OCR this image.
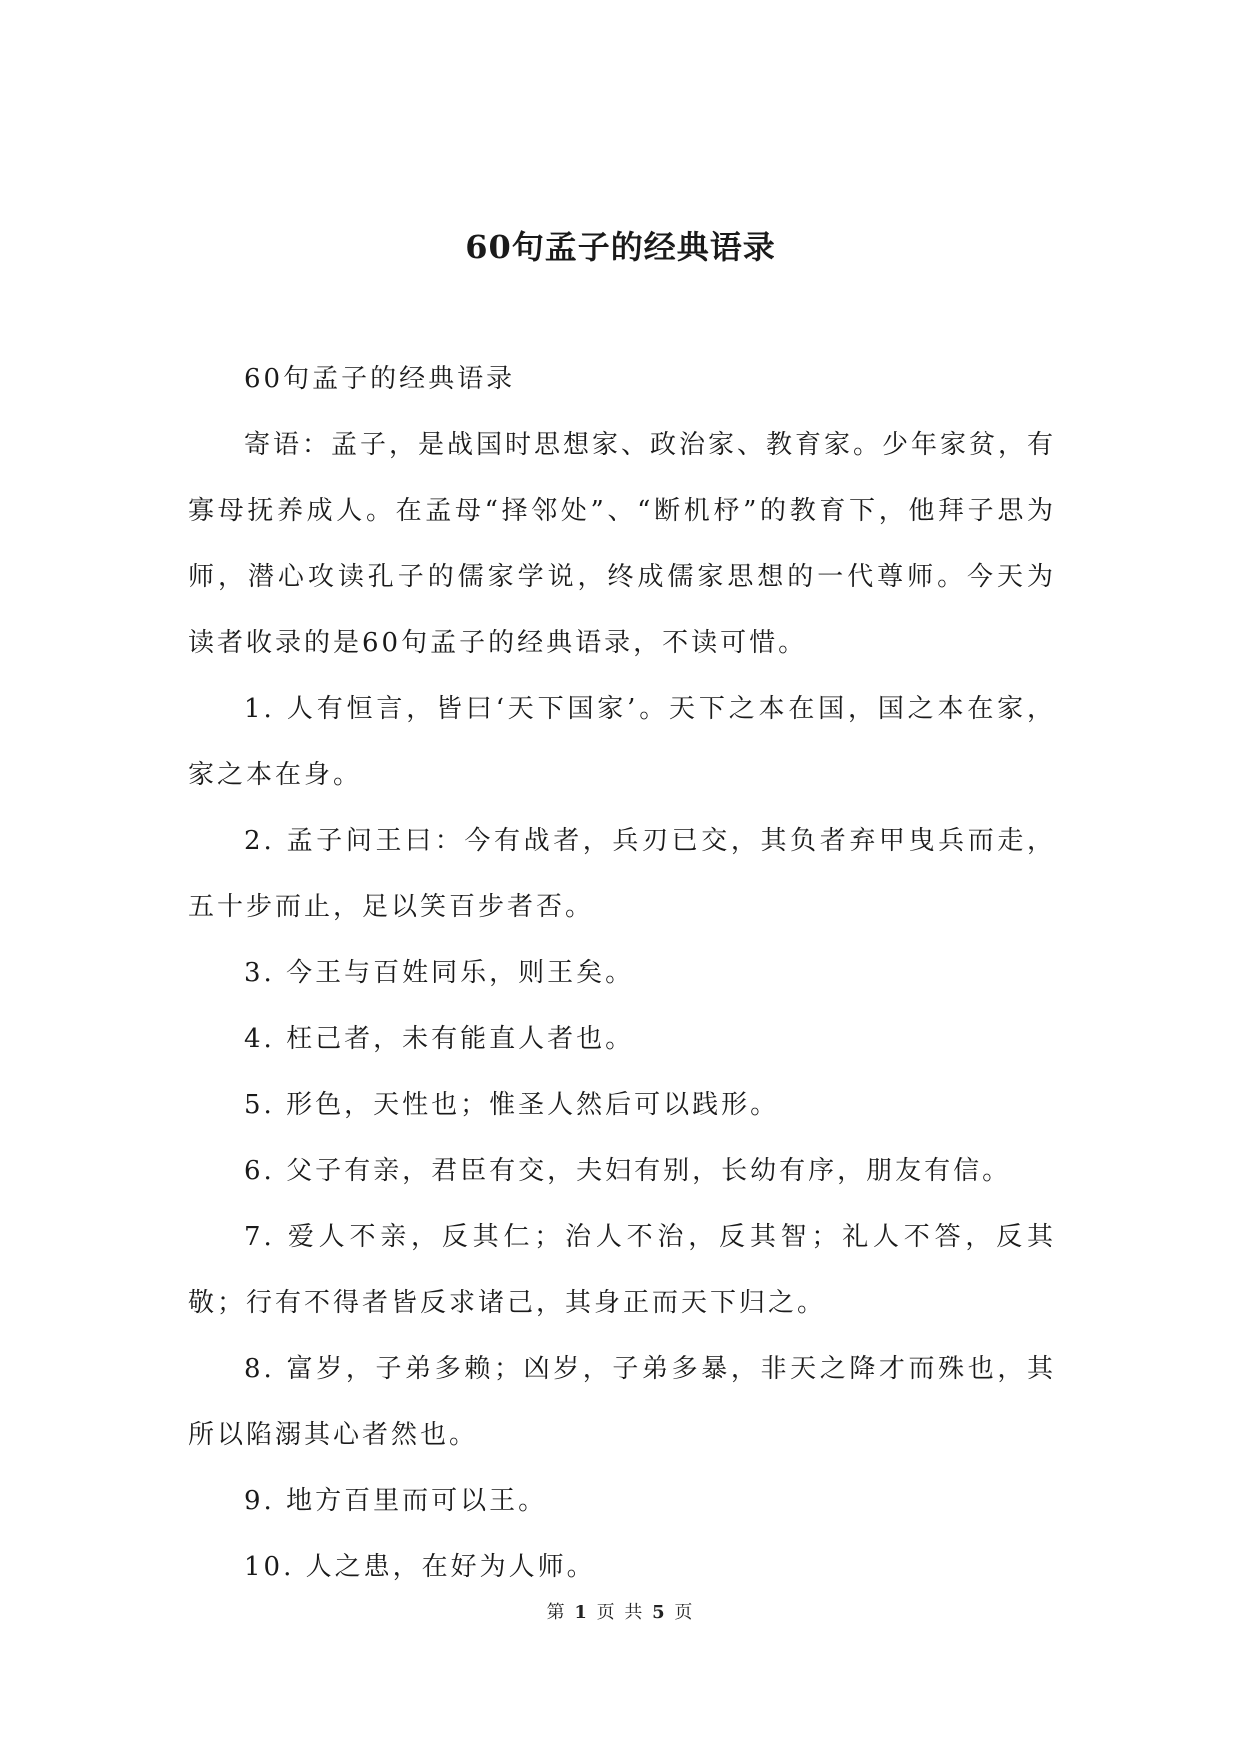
60句孟子的经典语录

60句孟子的经典语录

寄语：孟子，是战国时思想家、政治家、教育家。少年家贫，有寡母抚养成人。在孟母“择邻处”、“断机杼”的教育下，他拜子思为师，潜心攻读孔子的儒家学说，终成儒家思想的一代尊师。今天为读者收录的是60句孟子的经典语录，不读可惜。

1. 人有恒言，皆曰‘天下国家’。天下之本在国，国之本在家，家之本在身。

2. 孟子问王曰：今有战者，兵刃已交，其负者弃甲曳兵而走，五十步而止，足以笑百步者否。

3. 今王与百姓同乐，则王矣。

4. 枉己者，未有能直人者也。

5. 形色，天性也；惟圣人然后可以践形。

6. 父子有亲，君臣有交，夫妇有别，长幼有序，朋友有信。

7. 爱人不亲，反其仁；治人不治，反其智；礼人不答，反其敬；行有不得者皆反求诸己，其身正而天下归之。

8. 富岁，子弟多赖；凶岁，子弟多暴，非天之降才而殊也，其所以陷溺其心者然也。

9. 地方百里而可以王。

10. 人之患，在好为人师。

第 1 页 共 5 页
